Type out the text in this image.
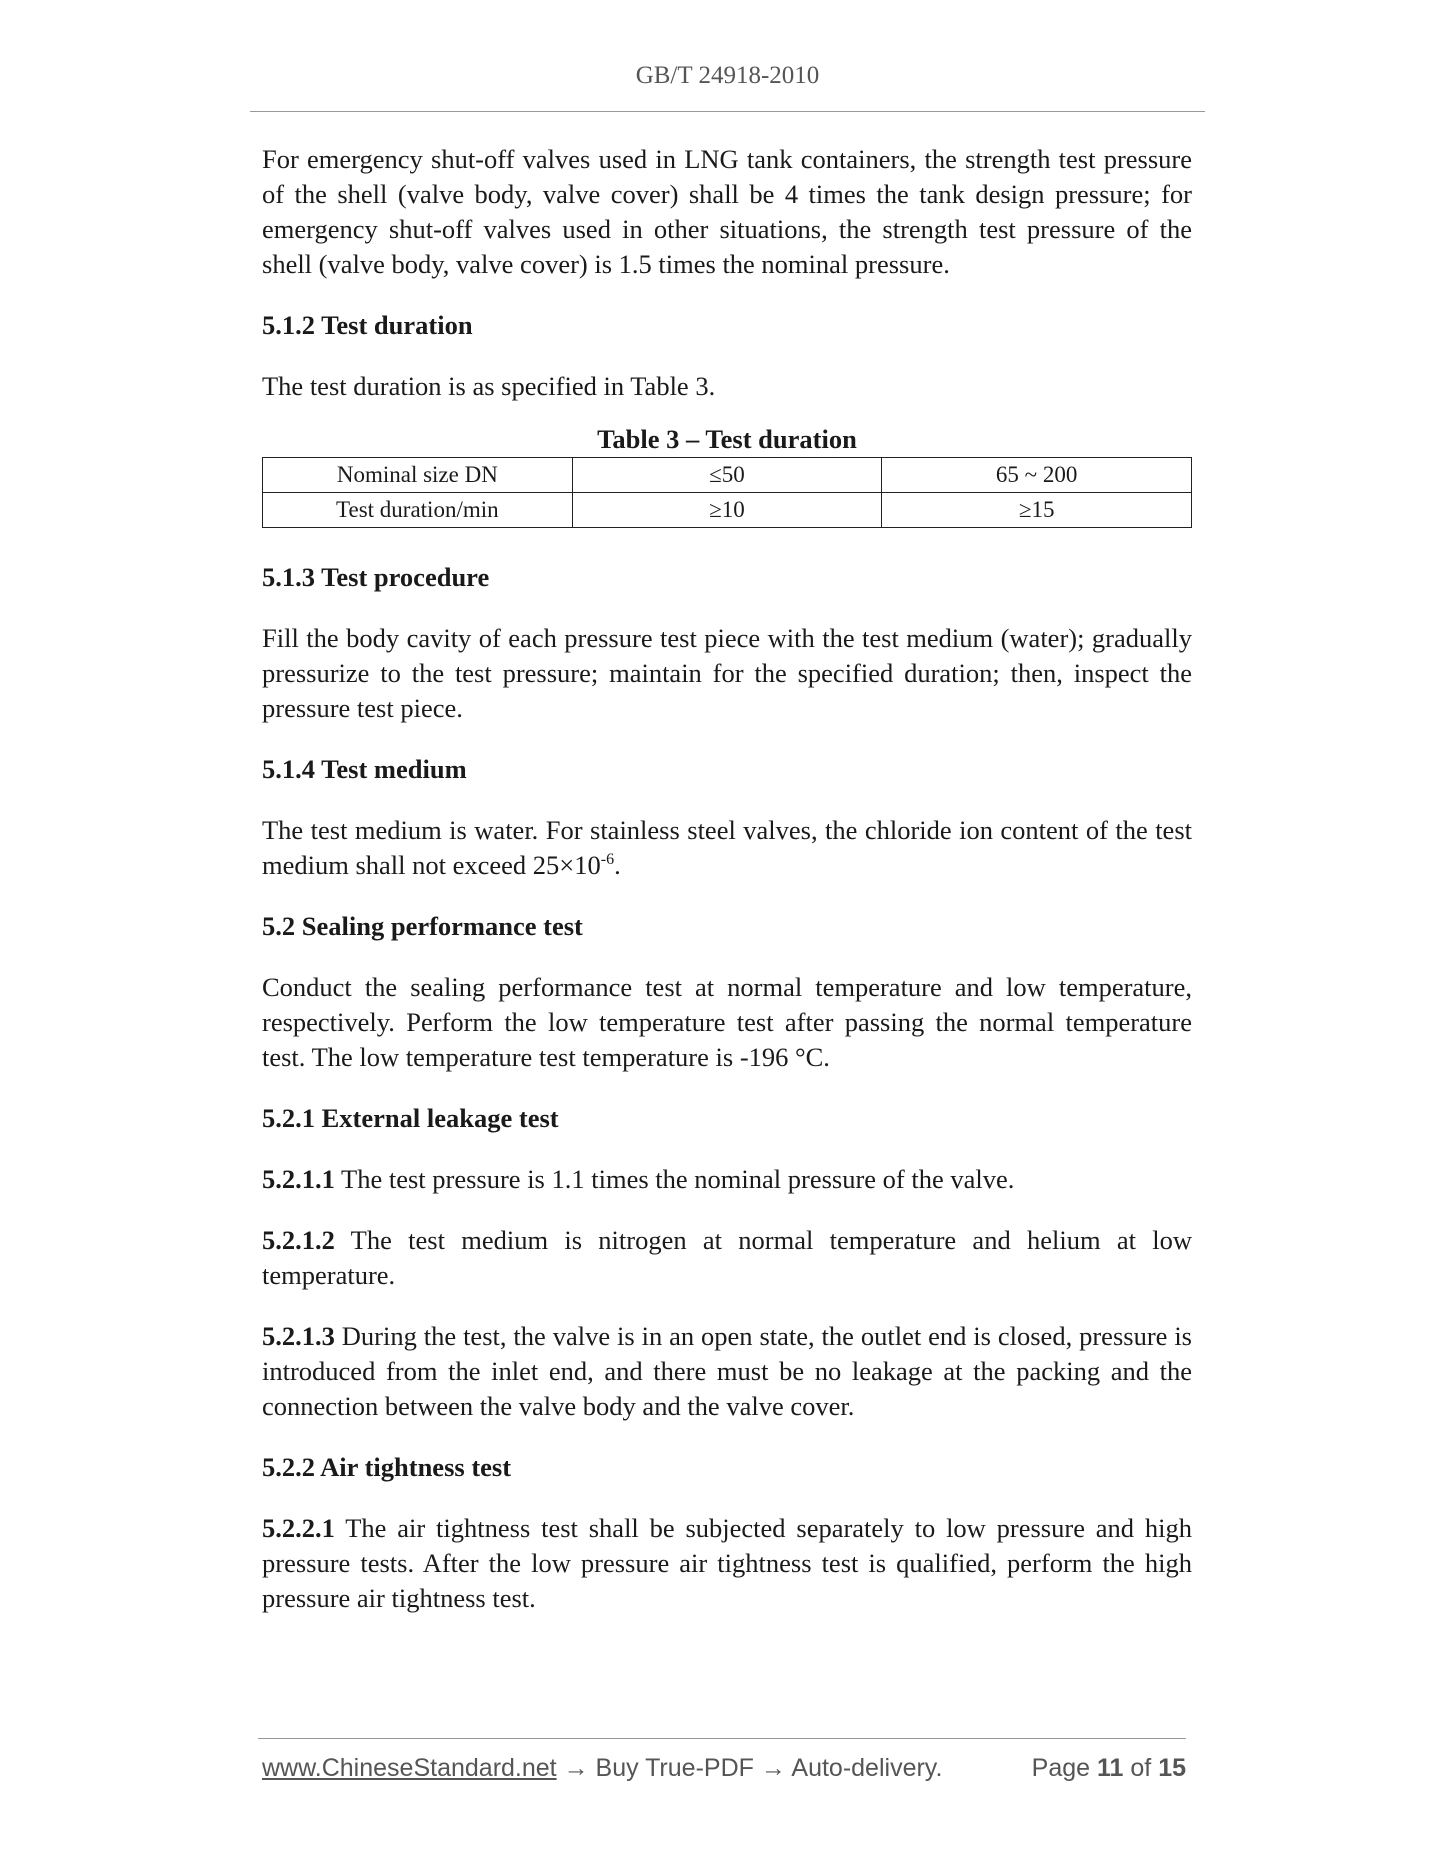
GB/T 24918-2010

For emergency shut-off valves used in LNG tank containers, the strength test pressure of the shell (valve body, valve cover) shall be 4 times the tank design pressure; for emergency shut-off valves used in other situations, the strength test pressure of the shell (valve body, valve cover) is 1.5 times the nominal pressure.

5.1.2 Test duration

The test duration is as specified in Table 3.

Table 3 – Test duration
Nominal size DN	≤50	65 ~ 200
Test duration/min	≥10	≥15
5.1.3 Test procedure

Fill the body cavity of each pressure test piece with the test medium (water); gradually pressurize to the test pressure; maintain for the specified duration; then, inspect the pressure test piece.

5.1.4 Test medium

The test medium is water. For stainless steel valves, the chloride ion content of the test medium shall not exceed $25\times 10^{-6}$.

5.2 Sealing performance test

Conduct the sealing performance test at normal temperature and low temperature, respectively. Perform the low temperature test after passing the normal temperature test. The low temperature test temperature is -196 °C.

5.2.1 External leakage test

5.2.1.1 The test pressure is 1.1 times the nominal pressure of the valve.

5.2.1.2 The test medium is nitrogen at normal temperature and helium at low temperature.

5.2.1.3 During the test, the valve is in an open state, the outlet end is closed, pressure is introduced from the inlet end, and there must be no leakage at the packing and the connection between the valve body and the valve cover.

5.2.2 Air tightness test

5.2.2.1 The air tightness test shall be subjected separately to low pressure and high pressure tests. After the low pressure air tightness test is qualified, perform the high pressure air tightness test.

www.ChineseStandard.net → Buy True-PDF → Auto-delivery.	Page 11 of 15
